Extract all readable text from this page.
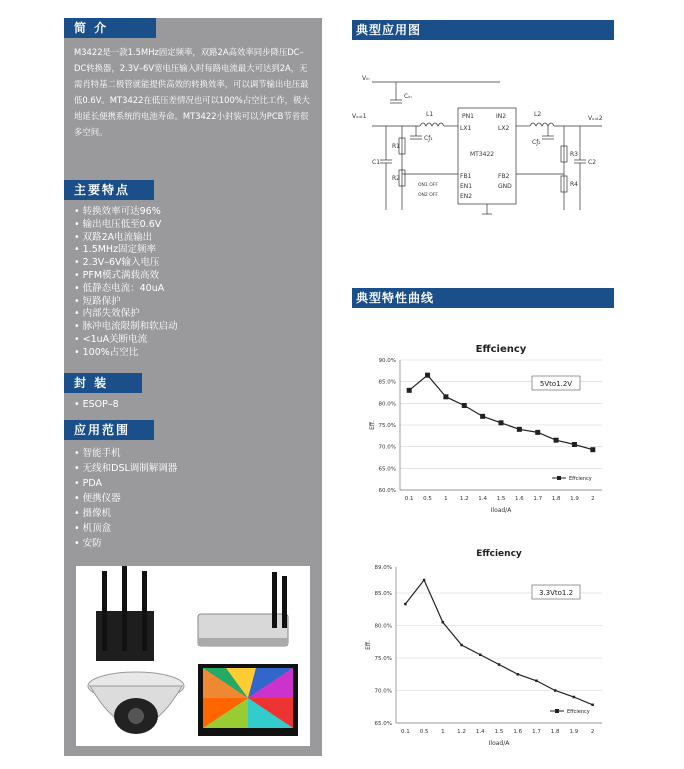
简 介
M3422是一款1.5MHz固定频率，双路2A高效率同步降压DC–DC转换器，2.3V–6V宽电压输入时每路电流最大可达到2A，无需肖特基二极管就能提供高效的转换效率，可以调节输出电压最低0.6V。MT3422在低压差情况也可以100%占空比工作，极大地延长便携系统的电池寿命。MT3422小封装可以为PCB节省很多空间。
主要特点
• 转换效率可达96%
• 输出电压低至0.6V
• 双路2A电流输出
• 1.5MHz固定频率
• 2.3V–6V输入电压
• PFM模式满载高效
• 低静态电流：40uA
• 短路保护
• 内部失效保护
• 脉冲电流限制和软启动
• <1uA关断电流
• 100%占空比
封 装
• ESOP–8
应用范围
• 智能手机
• 无线和DSL调制解调器
• PDA
• 便携仪器
• 摄像机
• 机顶盒
• 安防
典型应用图
典型特性曲线
Vᵢₙ
Vₒᵤₜ1	Vₒᵤₜ2
Cᵢₙ
MT3422
PN1	IN2
LX1	LX2
FB1	FB2
EN1
EN2
GND
L1	L2
C1
R1
R2
Cƒ₁
ON1 OFF
ON2 OFF
C2
R3
R4
Cƒ₂
Effciency
60.0%
65.0%
70.0%
75.0%
80.0%
85.0%
90.0%
0.1 0.5 1 1.2 1.4 1.5 1.6 1.7 1.8 1.9 2
Iload/A
Eff.
5Vto1.2V
Effciency
Effciency
65.0%
70.0%
75.0%
80.0%
85.0%
89.0%
0.1 0.5 1 1.2 1.4 1.5 1.6 1.7 1.8 1.9 2
Iload/A
Eff.
3.3Vto1.2
Effciency
